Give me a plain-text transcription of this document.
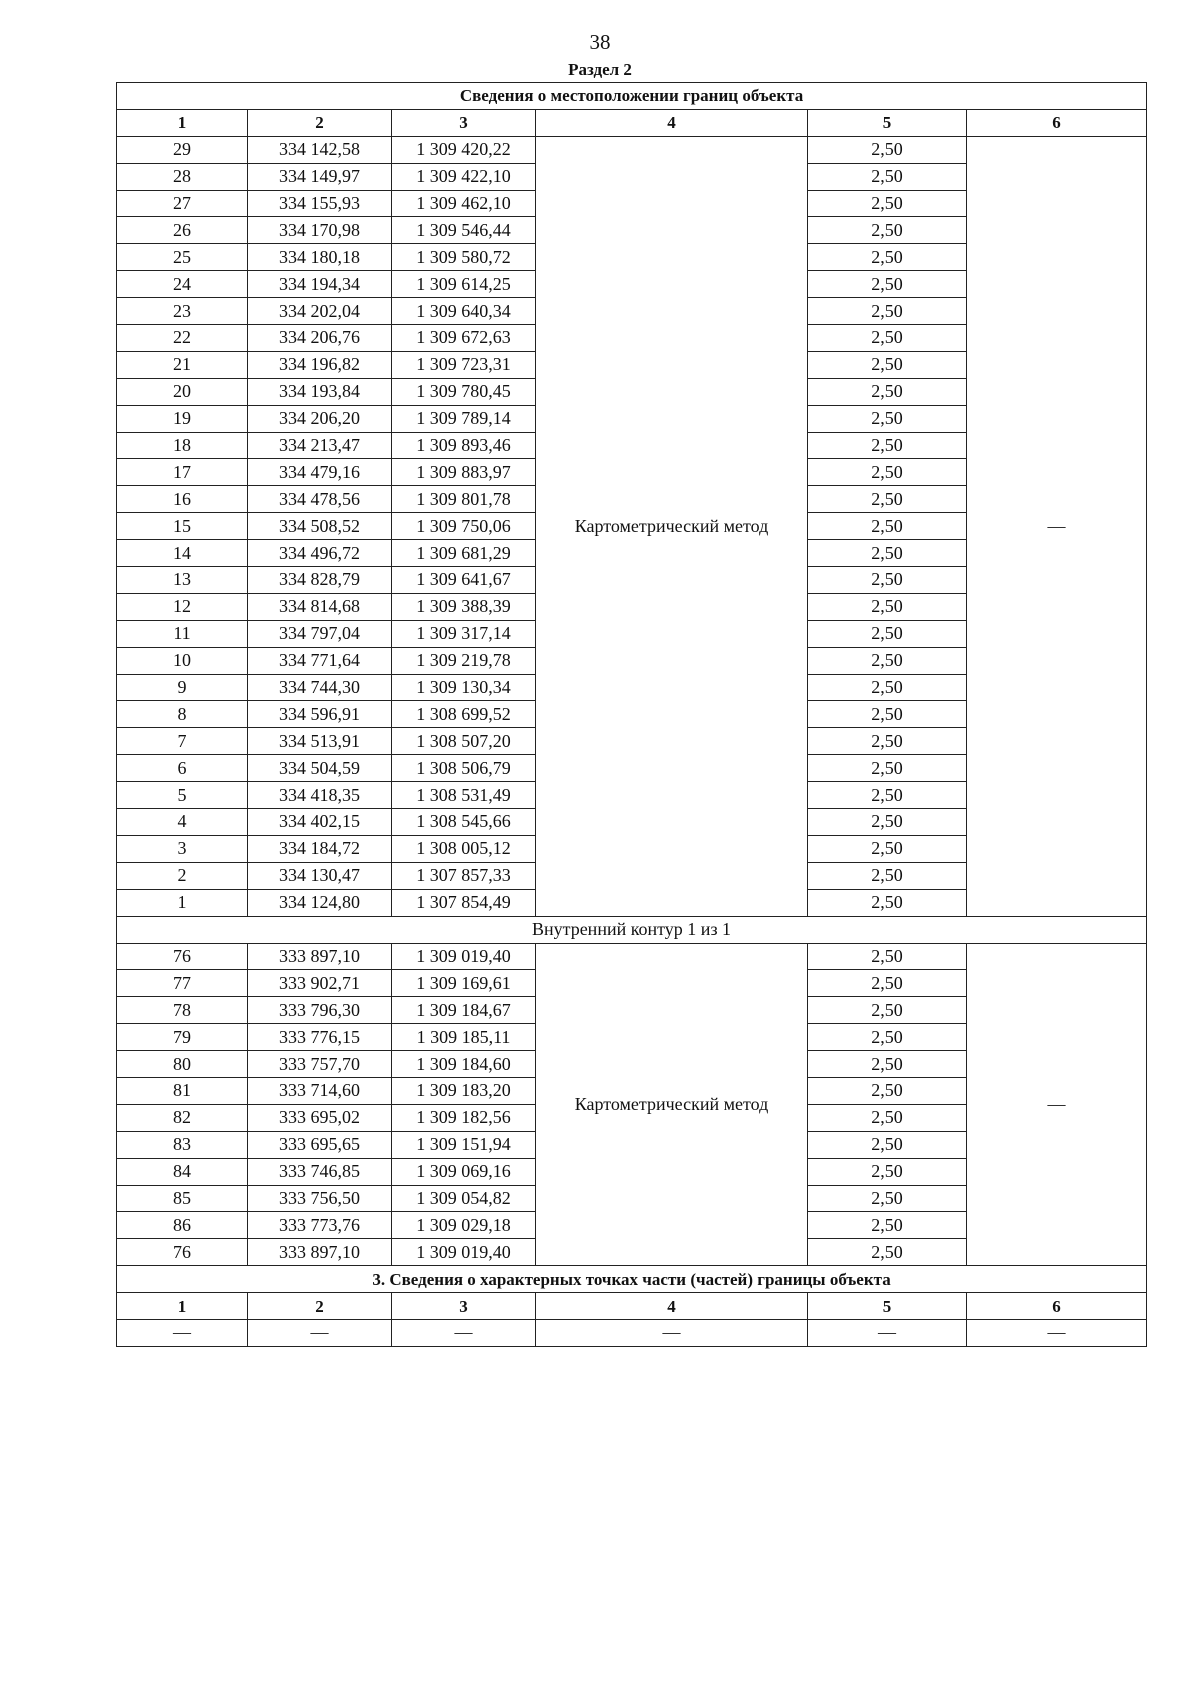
38
Раздел 2
Сведения о местоположении границ объекта					
1	2	3	4	5	6
29	334 142,58	1 309 420,22	Картометрический метод	2,50	—
28	334 149,97	1 309 422,10		2,50	
27	334 155,93	1 309 462,10		2,50	
26	334 170,98	1 309 546,44		2,50	
25	334 180,18	1 309 580,72		2,50	
24	334 194,34	1 309 614,25		2,50	
23	334 202,04	1 309 640,34		2,50	
22	334 206,76	1 309 672,63		2,50	
21	334 196,82	1 309 723,31		2,50	
20	334 193,84	1 309 780,45		2,50	
19	334 206,20	1 309 789,14		2,50	
18	334 213,47	1 309 893,46		2,50	
17	334 479,16	1 309 883,97		2,50	
16	334 478,56	1 309 801,78		2,50	
15	334 508,52	1 309 750,06		2,50	
14	334 496,72	1 309 681,29		2,50	
13	334 828,79	1 309 641,67		2,50	
12	334 814,68	1 309 388,39		2,50	
11	334 797,04	1 309 317,14		2,50	
10	334 771,64	1 309 219,78		2,50	
9	334 744,30	1 309 130,34		2,50	
8	334 596,91	1 308 699,52		2,50	
7	334 513,91	1 308 507,20		2,50	
6	334 504,59	1 308 506,79		2,50	
5	334 418,35	1 308 531,49		2,50	
4	334 402,15	1 308 545,66		2,50	
3	334 184,72	1 308 005,12		2,50	
2	334 130,47	1 307 857,33		2,50	
1	334 124,80	1 307 854,49		2,50	
Внутренний контур 1 из 1					
76	333 897,10	1 309 019,40	Картометрический метод	2,50	—
77	333 902,71	1 309 169,61		2,50	
78	333 796,30	1 309 184,67		2,50	
79	333 776,15	1 309 185,11		2,50	
80	333 757,70	1 309 184,60		2,50	
81	333 714,60	1 309 183,20		2,50	
82	333 695,02	1 309 182,56		2,50	
83	333 695,65	1 309 151,94		2,50	
84	333 746,85	1 309 069,16		2,50	
85	333 756,50	1 309 054,82		2,50	
86	333 773,76	1 309 029,18		2,50	
76	333 897,10	1 309 019,40		2,50	
3. Сведения о характерных точках части (частей) границы объекта					
1	2	3	4	5	6
—	—	—	—	—	—
